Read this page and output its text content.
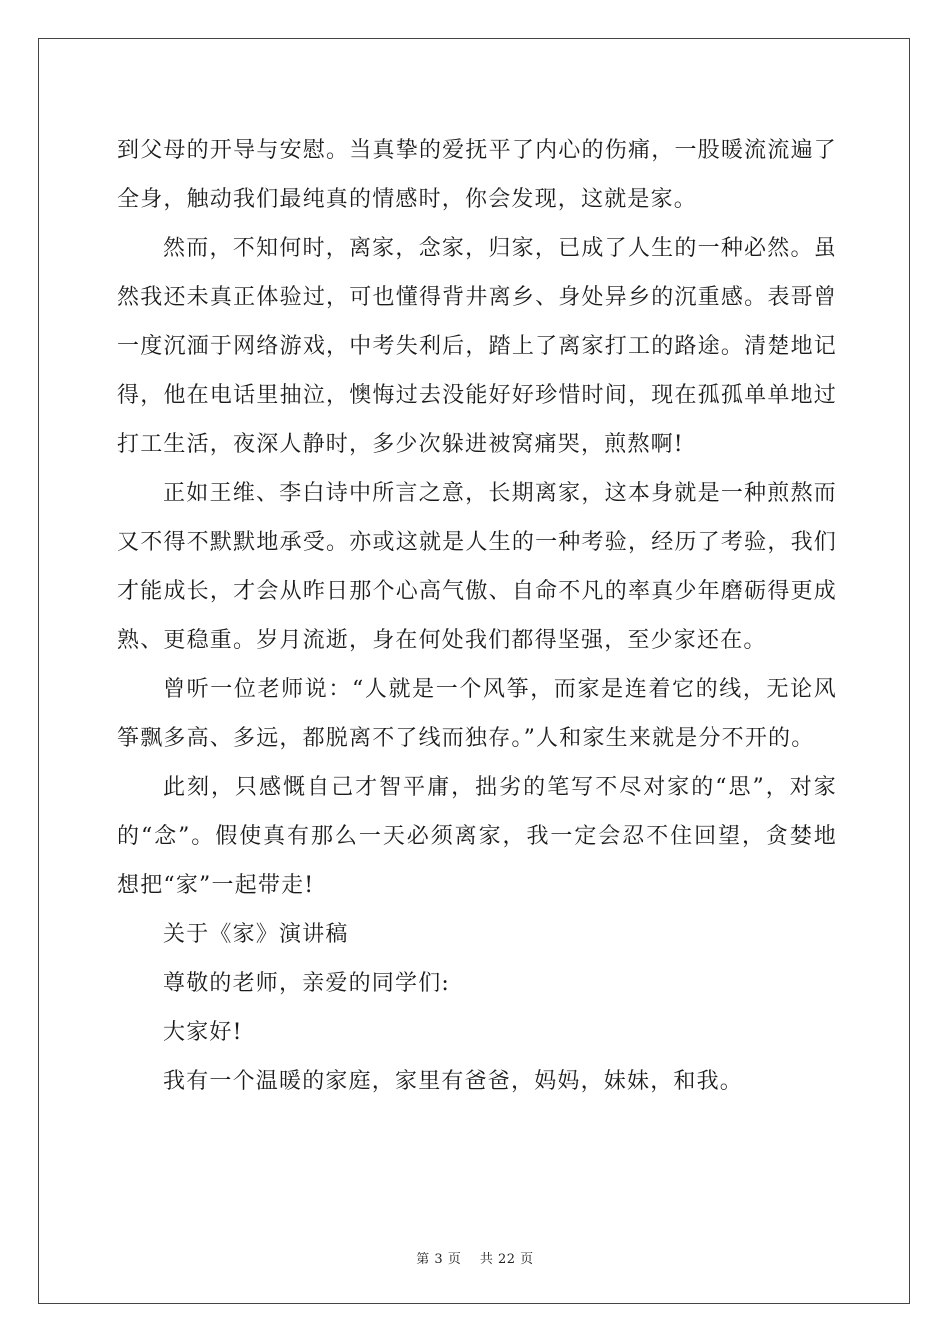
到父母的开导与安慰。当真挚的爱抚平了内心的伤痛，一股暖流流遍了全身，触动我们最纯真的情感时，你会发现，这就是家。

然而，不知何时，离家，念家，归家，已成了人生的一种必然。虽然我还未真正体验过，可也懂得背井离乡、身处异乡的沉重感。表哥曾一度沉湎于网络游戏，中考失利后，踏上了离家打工的路途。清楚地记得，他在电话里抽泣，懊悔过去没能好好珍惜时间，现在孤孤单单地过打工生活，夜深人静时，多少次躲进被窝痛哭，煎熬啊!

正如王维、李白诗中所言之意，长期离家，这本身就是一种煎熬而又不得不默默地承受。亦或这就是人生的一种考验，经历了考验，我们才能成长，才会从昨日那个心高气傲、自命不凡的率真少年磨砺得更成熟、更稳重。岁月流逝，身在何处我们都得坚强，至少家还在。

曾听一位老师说：“人就是一个风筝，而家是连着它的线，无论风筝飘多高、多远，都脱离不了线而独存。”人和家生来就是分不开的。

此刻，只感慨自己才智平庸，拙劣的笔写不尽对家的“思”，对家的“念”。假使真有那么一天必须离家，我一定会忍不住回望，贪婪地想把“家”一起带走!

关于《家》演讲稿

尊敬的老师，亲爱的同学们:

大家好!

我有一个温暖的家庭，家里有爸爸，妈妈，妹妹，和我。

第 3 页 共 22 页
